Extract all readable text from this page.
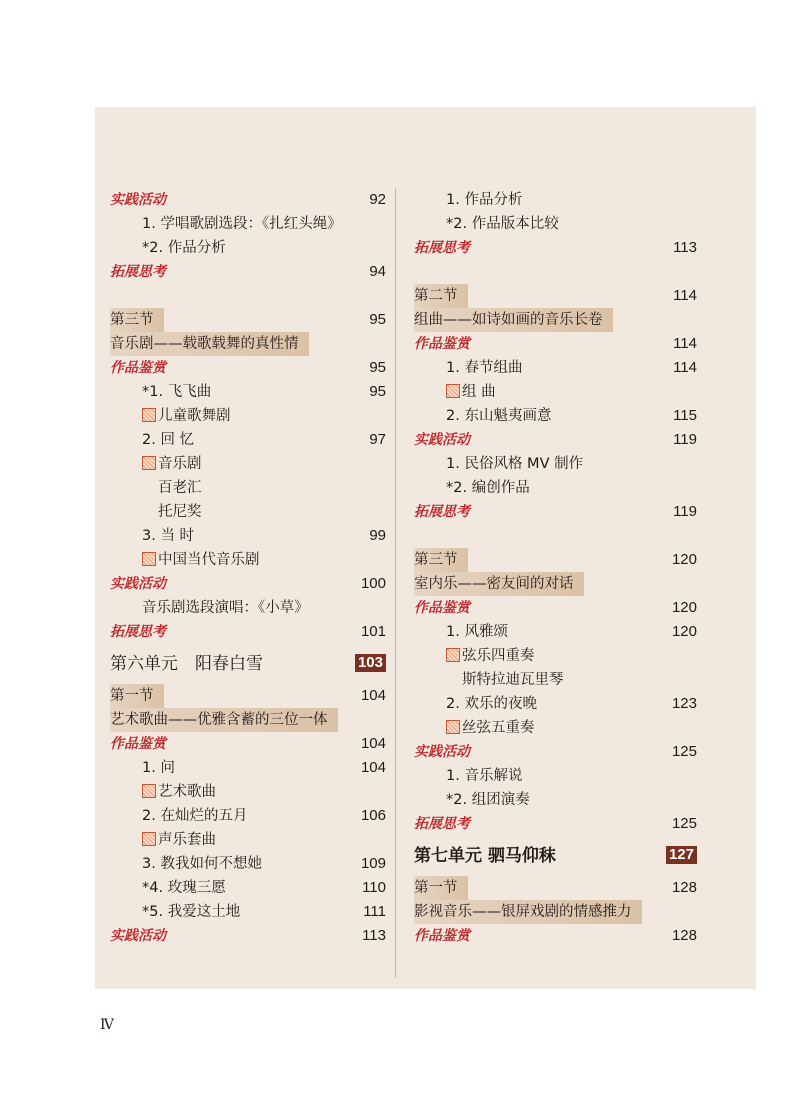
实践活动	92
1. 学唱歌剧选段：《扎红头绳》
*2. 作品分析
拓展思考	94
第三节	95
音乐剧——载歌载舞的真性情
作品鉴赏	95
*1. 飞飞曲	95
儿童歌舞剧
2. 回 忆	97
音乐剧
百老汇
托尼奖
3. 当 时	99
中国当代音乐剧
实践活动	100
音乐剧选段演唱：《小草》
拓展思考	101
第六单元　阳春白雪	103
第一节	104
艺术歌曲——优雅含蓄的三位一体
作品鉴赏	104
1. 问	104
艺术歌曲
2. 在灿烂的五月	106
声乐套曲
3. 教我如何不想她	109
*4. 玫瑰三愿	110
*5. 我爱这土地	111
实践活动	113
1. 作品分析
*2. 作品版本比较
拓展思考	113
第二节	114
组曲——如诗如画的音乐长卷
作品鉴赏	114
1. 春节组曲	114
组 曲
2. 东山魁夷画意	115
实践活动	119
1. 民俗风格 MV 制作
*2. 编创作品
拓展思考	119
第三节	120
室内乐——密友间的对话
作品鉴赏	120
1. 风雅颂	120
弦乐四重奏
斯特拉迪瓦里琴
2. 欢乐的夜晚	123
丝弦五重奏
实践活动	125
1. 音乐解说
*2. 组团演奏
拓展思考	125
第七单元 驷马仰秣	127
第一节	128
影视音乐——银屏戏剧的情感推力
作品鉴赏	128
Ⅳ
